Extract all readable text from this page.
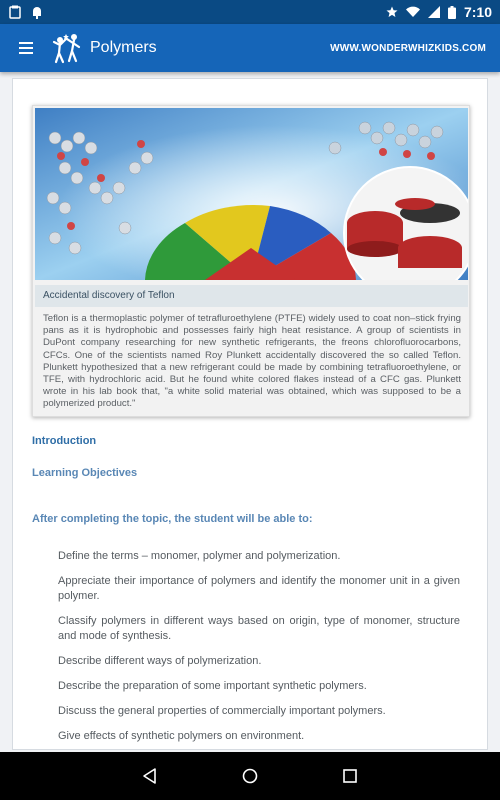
7:10
Polymers	WWW.WONDERWHIZKIDS.COM
Accidental discovery of Teflon

Teflon is a thermoplastic polymer of tetrafluroethylene (PTFE) widely used to coat non–stick frying pans as it is hydrophobic and possesses fairly high heat resistance. A group of scientists in DuPont company researching for new synthetic refrigerants, the freons chlorofluorocarbons, CFCs. One of the scientists named Roy Plunkett accidentally discovered the so called Teflon. Plunkett hypothesized that a new refrigerant could be made by combining tetrafluoroethylene, or TFE, with hydrochloric acid. But he found white colored flakes instead of a CFC gas. Plunkett wrote in his lab book that, "a white solid material was obtained, which was supposed to be a polymerized product."

Introduction
Learning Objectives
After completing the topic, the student will be able to:
Define the terms – monomer, polymer and polymerization.
Appreciate their importance of polymers and identify the monomer unit in a given polymer.
Classify polymers in different ways based on origin, type of monomer, structure and mode of synthesis.
Describe different ways of polymerization.
Describe the preparation of some important synthetic polymers.
Discuss the general properties of commercially important polymers.
Give effects of synthetic polymers on environment.
